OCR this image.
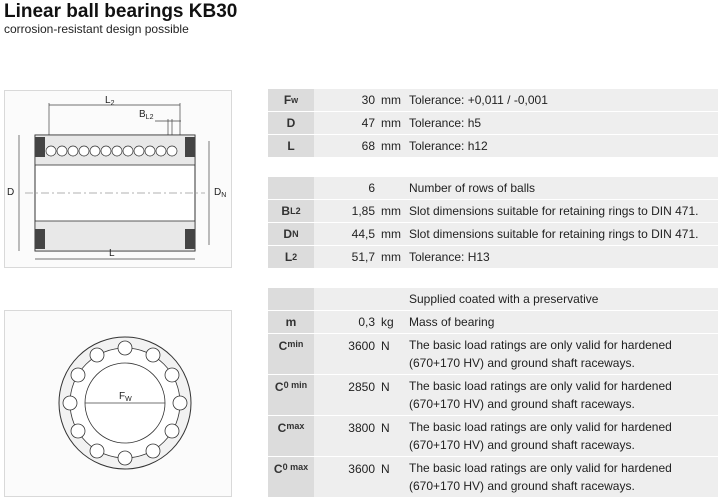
Linear ball bearings KB30
corrosion-resistant design possible
$L_2$
$B_{L2}$
D	$D_N$
L
$F_W$
F w	30 mm Tolerance: +0,011 / -0,001
D	47 mm Tolerance: h5
L	68 mm Tolerance: h12
6	Number of rows of balls
B L2	1,85 mm Slot dimensions suitable for retaining rings to DIN 471.
D N	44,5 mm Slot dimensions suitable for retaining rings to DIN 471.
L 2	51,7 mm Tolerance: H13
Supplied coated with a preservative
m	0,3 kg	Mass of bearing
C min	3600 N	The basic load ratings are only valid for hardened (670+170 HV) and ground shaft raceways.
C 0 min	2850 N	The basic load ratings are only valid for hardened (670+170 HV) and ground shaft raceways.
C max	3800 N	The basic load ratings are only valid for hardened (670+170 HV) and ground shaft raceways.
C 0 max	3600 N	The basic load ratings are only valid for hardened (670+170 HV) and ground shaft raceways.
